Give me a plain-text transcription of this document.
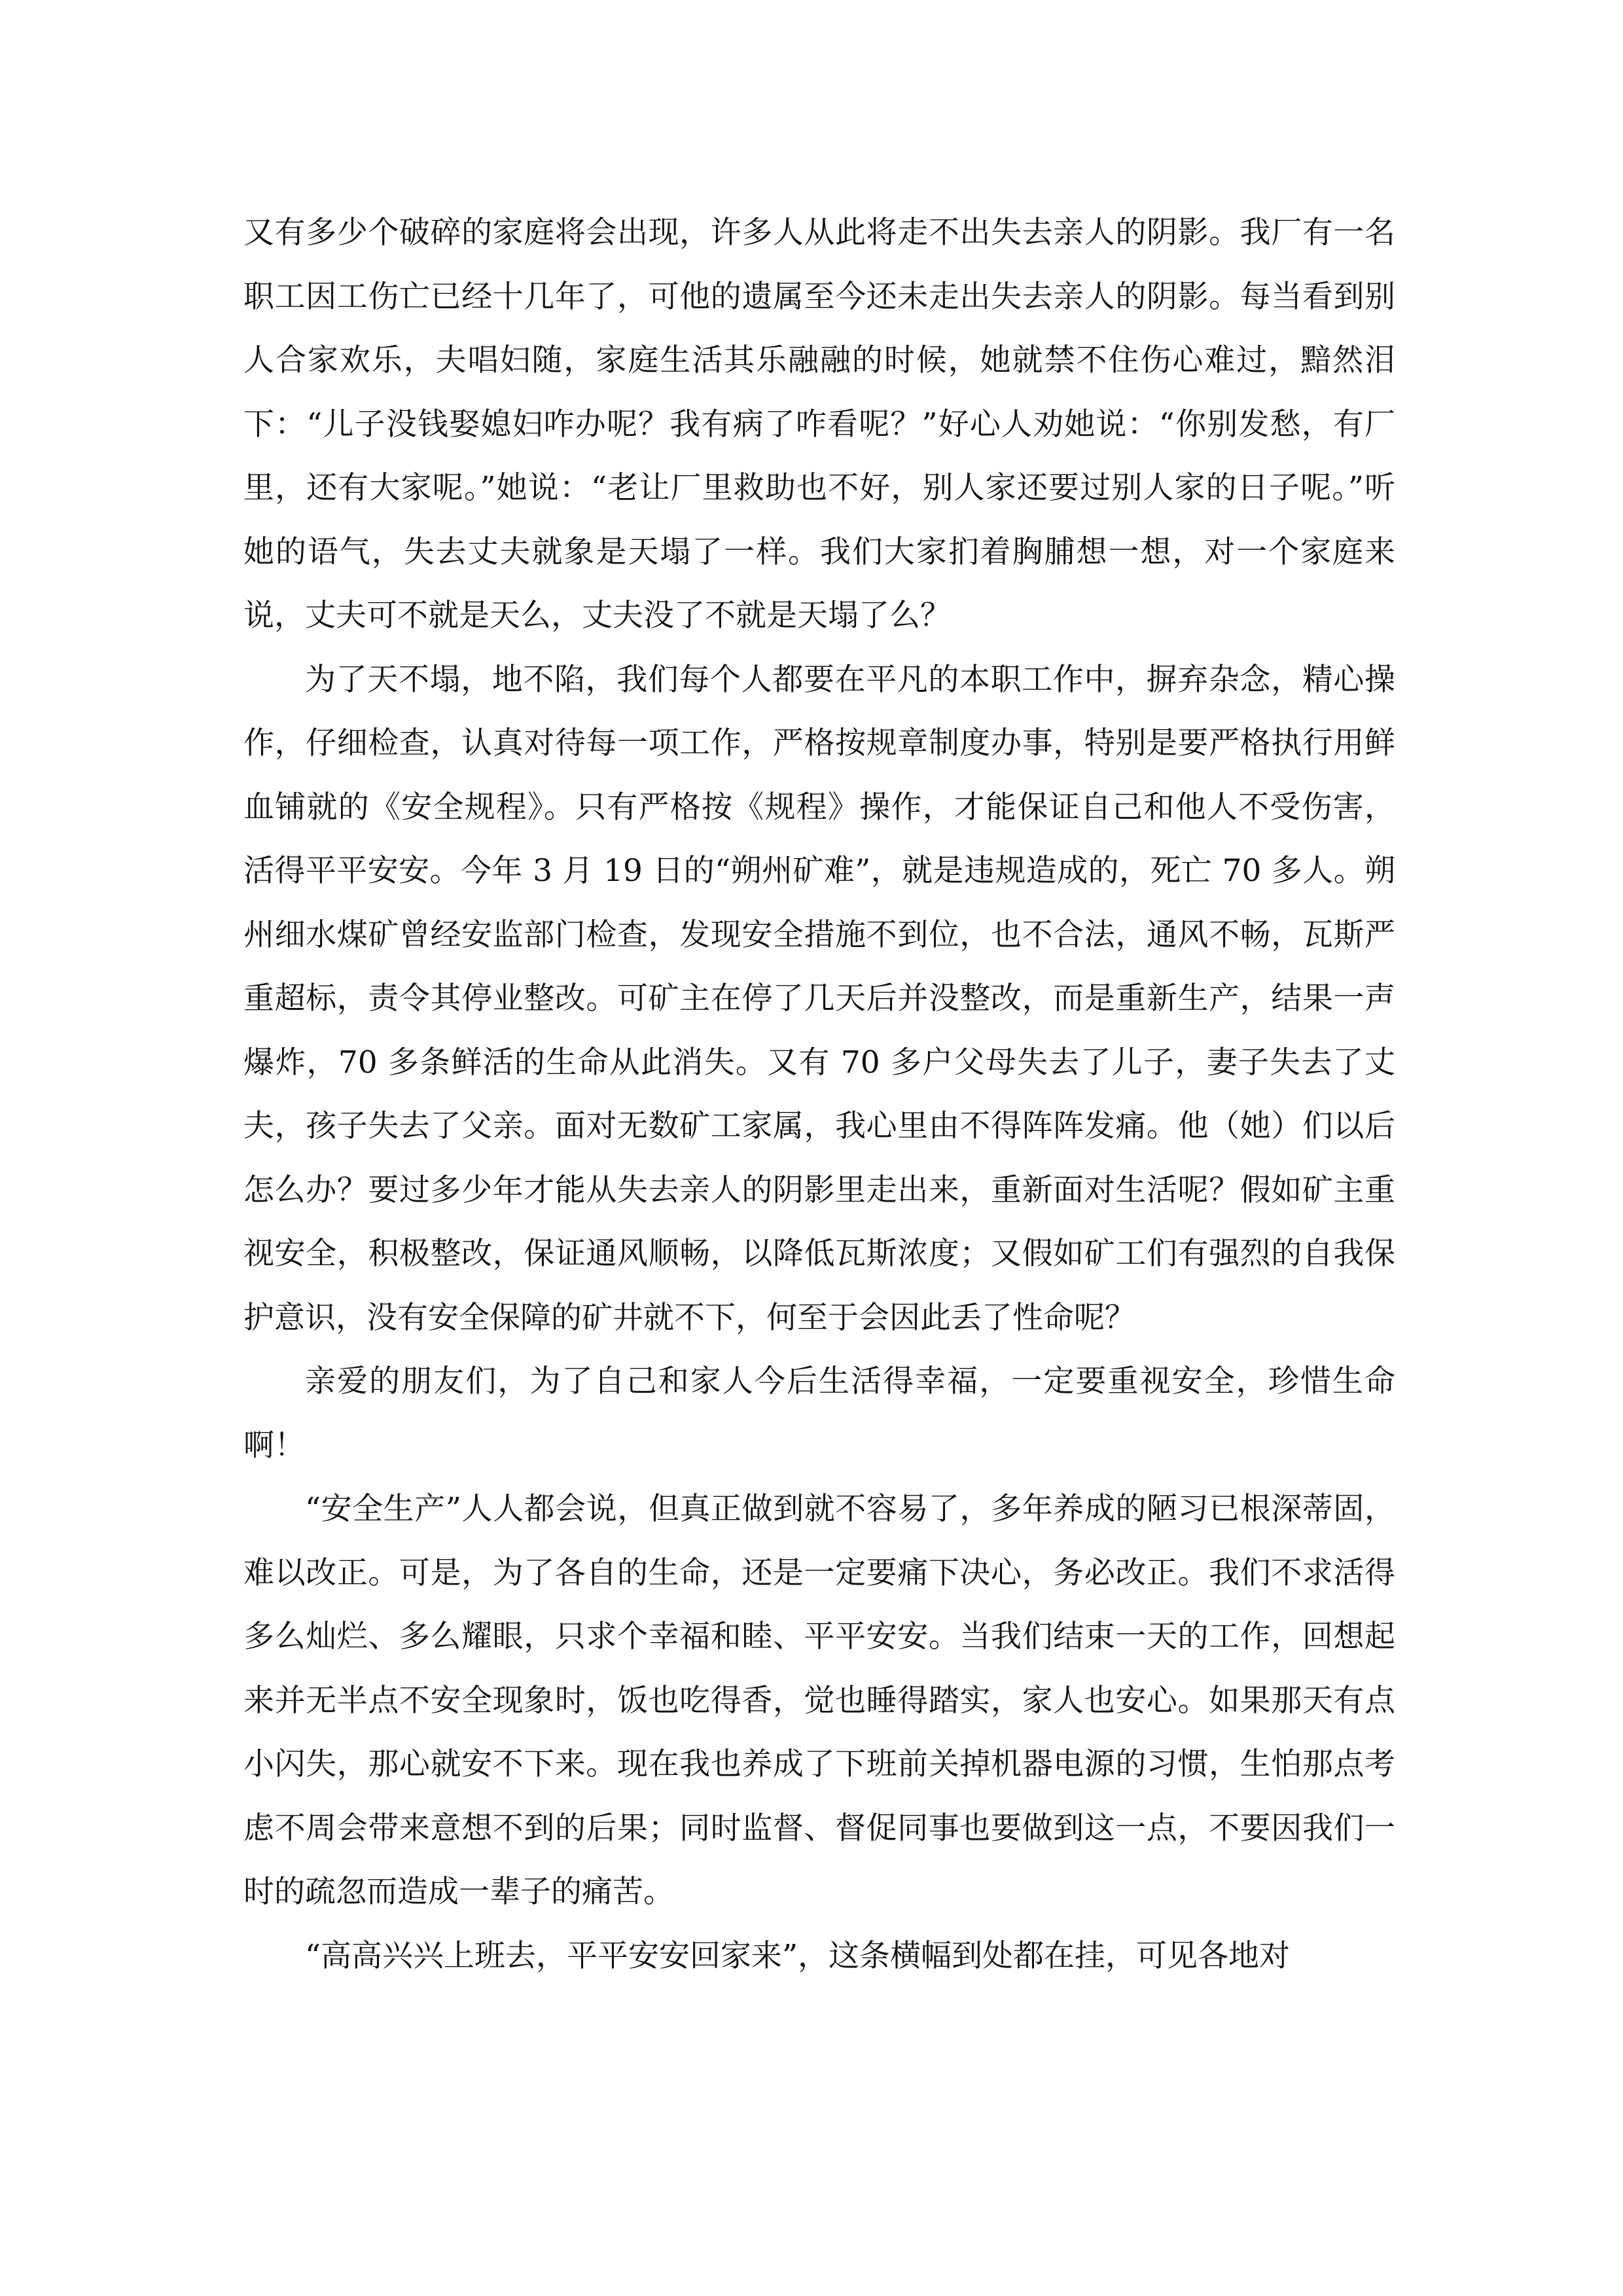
又有多少个破碎的家庭将会出现，许多人从此将走不出失去亲人的阴影。我厂有一名职工因工伤亡已经十几年了，可他的遗属至今还未走出失去亲人的阴影。每当看到别人合家欢乐，夫唱妇随，家庭生活其乐融融的时候，她就禁不住伤心难过，黯然泪下：“儿子没钱娶媳妇咋办呢？我有病了咋看呢？”好心人劝她说：“你别发愁，有厂里，还有大家呢。”她说：“老让厂里救助也不好，别人家还要过别人家的日子呢。”听她的语气，失去丈夫就象是天塌了一样。我们大家扪着胸脯想一想，对一个家庭来说，丈夫可不就是天么，丈夫没了不就是天塌了么？

为了天不塌，地不陷，我们每个人都要在平凡的本职工作中，摒弃杂念，精心操作，仔细检查，认真对待每一项工作，严格按规章制度办事，特别是要严格执行用鲜血铺就的《安全规程》。只有严格按《规程》操作，才能保证自己和他人不受伤害，活得平平安安。今年 3 月 19 日的“朔州矿难”，就是违规造成的，死亡 70 多人。朔州细水煤矿曾经安监部门检查，发现安全措施不到位，也不合法，通风不畅，瓦斯严重超标，责令其停业整改。可矿主在停了几天后并没整改，而是重新生产，结果一声爆炸，70 多条鲜活的生命从此消失。又有 70 多户父母失去了儿子，妻子失去了丈夫，孩子失去了父亲。面对无数矿工家属，我心里由不得阵阵发痛。他（她）们以后怎么办？要过多少年才能从失去亲人的阴影里走出来，重新面对生活呢？假如矿主重视安全，积极整改，保证通风顺畅，以降低瓦斯浓度；又假如矿工们有强烈的自我保护意识，没有安全保障的矿井就不下，何至于会因此丢了性命呢？

亲爱的朋友们，为了自己和家人今后生活得幸福，一定要重视安全，珍惜生命啊！

“安全生产”人人都会说，但真正做到就不容易了，多年养成的陋习已根深蒂固，难以改正。可是，为了各自的生命，还是一定要痛下决心，务必改正。我们不求活得多么灿烂、多么耀眼，只求个幸福和睦、平平安安。当我们结束一天的工作，回想起来并无半点不安全现象时，饭也吃得香，觉也睡得踏实，家人也安心。如果那天有点小闪失，那心就安不下来。现在我也养成了下班前关掉机器电源的习惯，生怕那点考虑不周会带来意想不到的后果；同时监督、督促同事也要做到这一点，不要因我们一时的疏忽而造成一辈子的痛苦。

“高高兴兴上班去，平平安安回家来”，这条横幅到处都在挂，可见各地对
